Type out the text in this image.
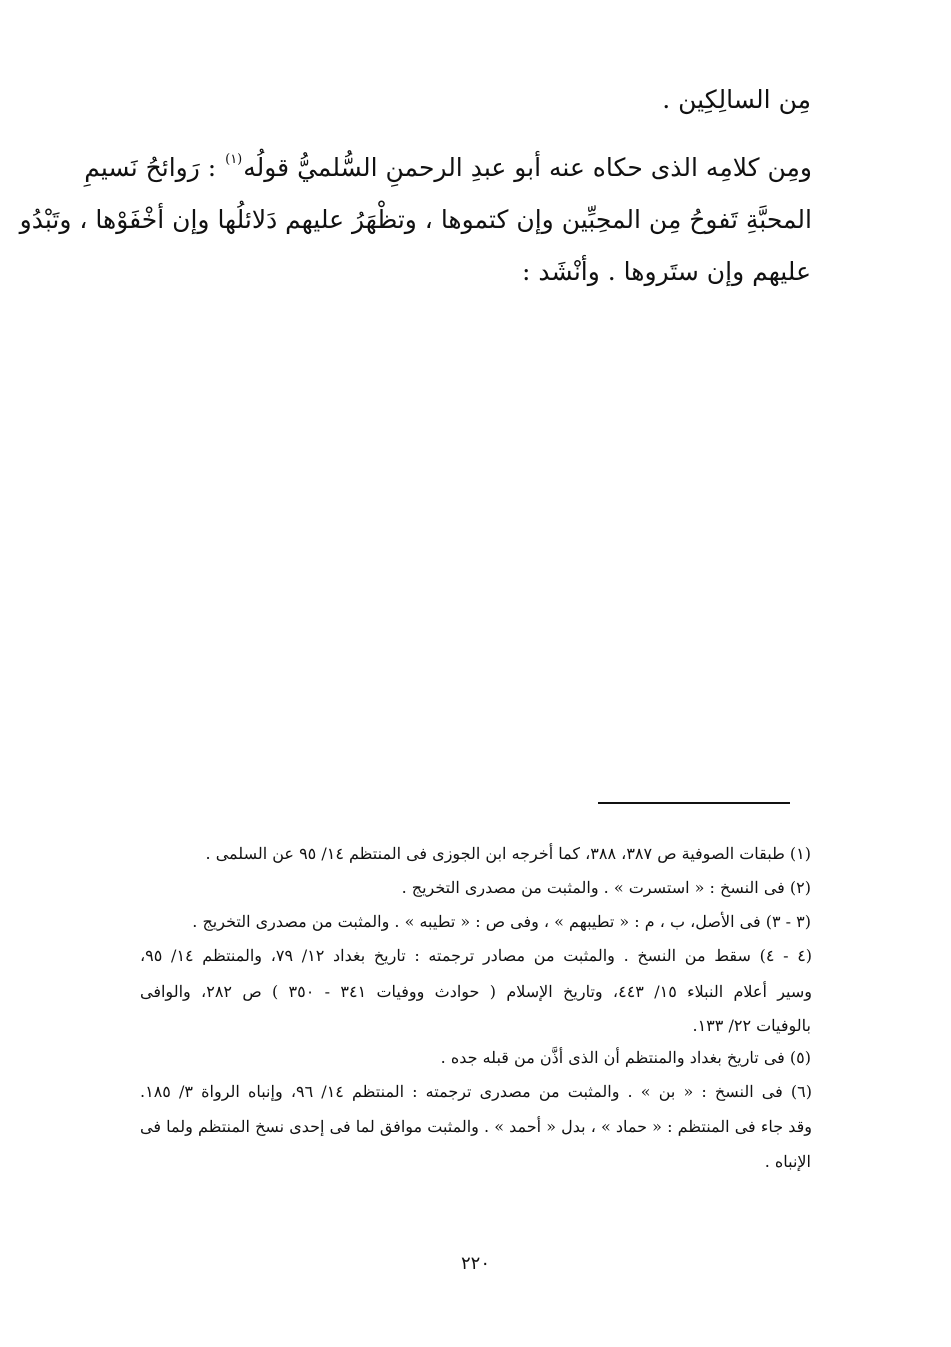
مِن السالِكِين .
ومِن كلامِه الذى حكاه عنه أبو عبدِ الرحمنِ السُّلميُّ قولُه$^{(١)}$ : رَوائحُ نَسيمِ
المحبَّةِ تَفوحُ مِن المحِبِّين وإن كتموها ، وتظْهَرُ عليهم دَلائلُها وإن أخْفَوْها ، وتَبْدُو
عليهم وإن ستَروها . وأنْشَد :
(١) طبقات الصوفية ص ٣٨٧، ٣٨٨، كما أخرجه ابن الجوزى فى المنتظم ١٤/ ٩٥ عن السلمى .
(٢) فى النسخ : « استسرت » . والمثبت من مصدرى التخريج .
(٣ - ٣) فى الأصل، ب ، م : « تطيبهم » ، وفى ص : « تطيبه » . والمثبت من مصدرى التخريج .
(٤ - ٤) سقط من النسخ . والمثبت من مصادر ترجمته : تاريخ بغداد ١٢/ ٧٩، والمنتظم ١٤/ ٩٥،
وسير أعلام النبلاء ١٥/ ٤٤٣، وتاريخ الإسلام ( حوادث ووفيات ٣٤١ - ٣٥٠ ) ص ٢٨٢، والوافى
بالوفيات ٢٢/ ١٣٣.
(٥) فى تاريخ بغداد والمنتظم أن الذى أذَّن من قبله جده .
(٦) فى النسخ : « بن » . والمثبت من مصدرى ترجمته : المنتظم ١٤/ ٩٦، وإنباه الرواة ٣/ ١٨٥.
وقد جاء فى المنتظم : « حماد » ، بدل « أحمد » . والمثبت موافق لما فى إحدى نسخ المنتظم ولما فى
الإنباه .
٢٢٠
